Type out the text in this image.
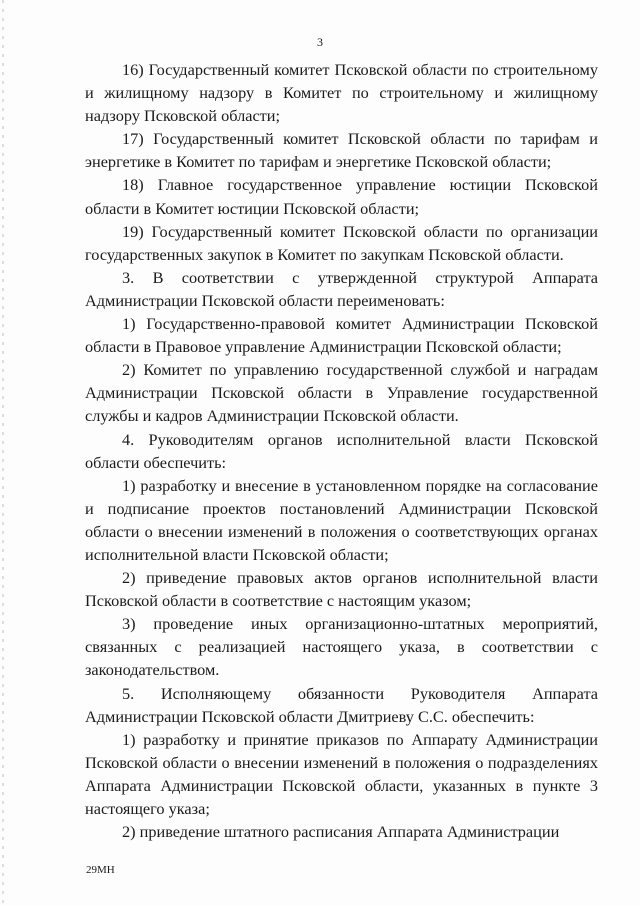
3

16) Государственный комитет Псковской области по строительному и жилищному надзору в Комитет по строительному и жилищному надзору Псковской области;

17) Государственный комитет Псковской области по тарифам и энергетике в Комитет по тарифам и энергетике Псковской области;

18) Главное государственное управление юстиции Псковской области в Комитет юстиции Псковской области;

19) Государственный комитет Псковской области по организации государственных закупок в Комитет по закупкам Псковской области.

3. В соответствии с утвержденной структурой Аппарата Администрации Псковской области переименовать:

1) Государственно-правовой комитет Администрации Псковской области в Правовое управление Администрации Псковской области;

2) Комитет по управлению государственной службой и наградам Администрации Псковской области в Управление государственной службы и кадров Администрации Псковской области.

4. Руководителям органов исполнительной власти Псковской области обеспечить:

1) разработку и внесение в установленном порядке на согласование и подписание проектов постановлений Администрации Псковской области о внесении изменений в положения о соответствующих органах исполнительной власти Псковской области;

2) приведение правовых актов органов исполнительной власти Псковской области в соответствие с настоящим указом;

3) проведение иных организационно-штатных мероприятий, связанных с реализацией настоящего указа, в соответствии с законодательством.

5. Исполняющему обязанности Руководителя Аппарата Администрации Псковской области Дмитриеву С.С. обеспечить:

1) разработку и принятие приказов по Аппарату Администрации Псковской области о внесении изменений в положения о подразделениях Аппарата Администрации Псковской области, указанных в пункте 3 настоящего указа;

2) приведение штатного расписания Аппарата Администрации

29МН
